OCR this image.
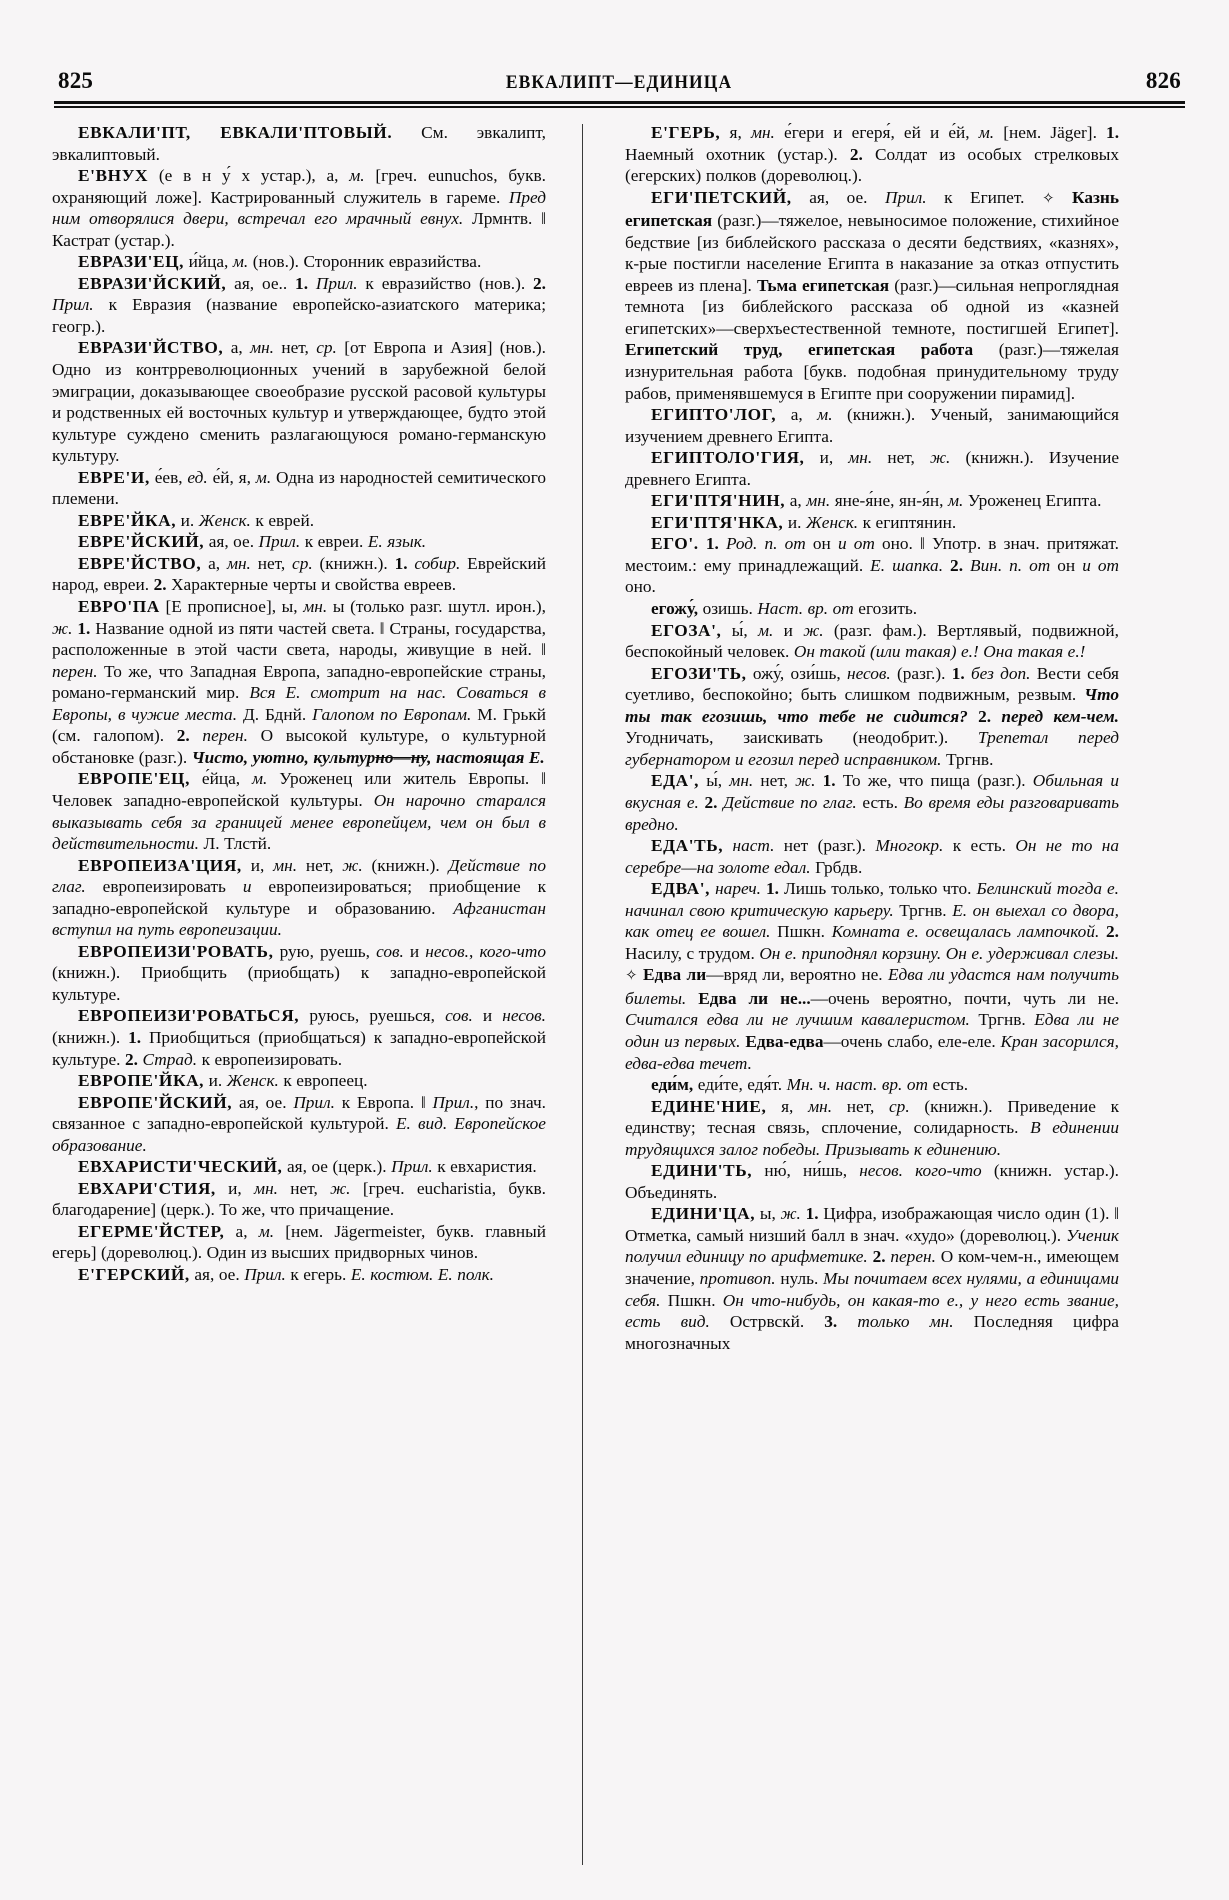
825	ЕВКАЛИПТ—ЕДИНИЦА	826

ЕВКАЛИ'ПТ, ЕВКАЛИ'ПТОВЫЙ. См. эвкалипт, эвкалиптовый.

Е'ВНУХ (е в н у́ х устар.), а, м. [греч. eunuchos, букв. охраняющий ложе]. Кастрированный служитель в гареме. Пред ним отворялися двери, встречал его мрачный евнух. Лрмнтв. ‖ Кастрат (устар.).

ЕВРАЗИ'ЕЦ, и́йца, м. (нов.). Сторонник евразийства.

ЕВРАЗИ'ЙСКИЙ, ая, ое.. 1. Прил. к евразийство (нов.). 2. Прил. к Евразия (название европейско-азиатского материка; геогр.).

ЕВРАЗИ'ЙСТВО, а, мн. нет, ср. [от Европа и Азия] (нов.). Одно из контрреволюционных учений в зарубежной белой эмиграции, доказывающее своеобразие русской расовой культуры и родственных ей восточных культур и утверждающее, будто этой культуре суждено сменить разлагающуюся романо-германскую культуру.

ЕВРЕ'И, е́ев, ед. е́й, я, м. Одна из народностей семитического племени.

ЕВРЕ'ЙКА, и. Женск. к еврей.

ЕВРЕ'ЙСКИЙ, ая, ое. Прил. к евреи. Е. язык.

ЕВРЕ'ЙСТВО, а, мн. нет, ср. (книжн.). 1. собир. Еврейский народ, евреи. 2. Характерные черты и свойства евреев.

ЕВРО'ПА [Е прописное], ы, мн. ы (только разг. шутл. ирон.), ж. 1. Название одной из пяти частей света. ‖ Страны, государства, расположенные в этой части света, народы, живущие в ней. ‖ перен. То же, что Западная Европа, западно-европейские страны, романо-германский мир. Вся Е. смотрит на нас. Соваться в Европы, в чужие места. Д. Бднй. Галопом по Европам. М. Грькй (см. галопом). 2. перен. О высокой культуре, о культурной обстановке (разг.). Чисто, уютно, культурно—ну, настоящая Е.

ЕВРОПЕ'ЕЦ, е́йца, м. Уроженец или житель Европы. ‖ Человек западно-европейской культуры. Он нарочно старался выказывать себя за границей менее европейцем, чем он был в действительности. Л. Тлстй.

ЕВРОПЕИЗА'ЦИЯ, и, мн. нет, ж. (книжн.). Действие по глаг. европеизировать и европеизироваться; приобщение к западно-европейской культуре и образованию. Афганистан вступил на путь европеизации.

ЕВРОПЕИЗИ'РОВАТЬ, рую, руешь, сов. и несов., кого-что (книжн.). Приобщить (приобщать) к западно-европейской культуре.

ЕВРОПЕИЗИ'РОВАТЬСЯ, руюсь, руешься, сов. и несов. (книжн.). 1. Приобщиться (приобщаться) к западно-европейской культуре. 2. Страд. к европеизировать.

ЕВРОПЕ'ЙКА, и. Женск. к европеец.

ЕВРОПЕ'ЙСКИЙ, ая, ое. Прил. к Европа. ‖ Прил., по знач. связанное с западно-европейской культурой. Е. вид. Европейское образование.

ЕВХАРИСТИ'ЧЕСКИЙ, ая, ое (церк.). Прил. к евхаристия.

ЕВХАРИ'СТИЯ, и, мн. нет, ж. [греч. eucharistia, букв. благодарение] (церк.). То же, что причащение.

ЕГЕРМЕ'ЙСТЕР, а, м. [нем. Jägermeister, букв. главный егерь] (дореволюц.). Один из высших придворных чинов.

Е'ГЕРСКИЙ, ая, ое. Прил. к егерь. Е. костюм. Е. полк.

Е'ГЕРЬ, я, мн. е́гери и егеря́, ей и е́й, м. [нем. Jäger]. 1. Наемный охотник (устар.). 2. Солдат из особых стрелковых (егерских) полков (дореволюц.).

ЕГИ'ПЕТСКИЙ, ая, ое. Прил. к Египет. ✧ Казнь египетская (разг.)—тяжелое, невыносимое положение, стихийное бедствие [из библейского рассказа о десяти бедствиях, «казнях», к-рые постигли население Египта в наказание за отказ отпустить евреев из плена]. Тьма египетская (разг.)—сильная непроглядная темнота [из библейского рассказа об одной из «казней египетских»—сверхъестественной темноте, постигшей Египет]. Египетский труд, египетская работа (разг.)—тяжелая изнурительная работа [букв. подобная принудительному труду рабов, применявшемуся в Египте при сооружении пирамид].

ЕГИПТО'ЛОГ, а, м. (книжн.). Ученый, занимающийся изучением древнего Египта.

ЕГИПТОЛО'ГИЯ, и, мн. нет, ж. (книжн.). Изучение древнего Египта.

ЕГИ'ПТЯ'НИН, а, мн. яне-я́не, ян-я́н, м. Уроженец Египта.

ЕГИ'ПТЯ'НКА, и. Женск. к египтянин.

ЕГО'. 1. Род. п. от он и от оно. ‖ Употр. в знач. притяжат. местоим.: ему принадлежащий. Е. шапка. 2. Вин. п. от он и от оно.

егожу́, озишь. Наст. вр. от егозить.

ЕГОЗА', ы́, м. и ж. (разг. фам.). Вертлявый, подвижной, беспокойный человек. Он такой (или такая) е.! Она такая е.!

ЕГОЗИ'ТЬ, ожу́, ози́шь, несов. (разг.). 1. без доп. Вести себя суетливо, беспокойно; быть слишком подвижным, резвым. Что ты так егозишь, что тебе не сидится? 2. перед кем-чем. Угодничать, заискивать (неодобрит.). Трепетал перед губернатором и егозил перед исправником. Тргнв.

ЕДА', ы́, мн. нет, ж. 1. То же, что пища (разг.). Обильная и вкусная е. 2. Действие по глаг. есть. Во время еды разговаривать вредно.

ЕДА'ТЬ, наст. нет (разг.). Многокр. к есть. Он не то на серебре—на золоте едал. Грбдв.

ЕДВА', нареч. 1. Лишь только, только что. Белинский тогда е. начинал свою критическую карьеру. Тргнв. Е. он выехал со двора, как отец ее вошел. Пшкн. Комната е. освещалась лампочкой. 2. Насилу, с трудом. Он е. приподнял корзину. Он е. удерживал слезы. ✧ Едва ли—вряд ли, вероятно не. Едва ли удастся нам получить билеты. Едва ли не...—очень вероятно, почти, чуть ли не. Считался едва ли не лучшим кавалеристом. Тргнв. Едва ли не один из первых. Едва-едва—очень слабо, еле-еле. Кран засорился, едва-едва течет.

еди́м, еди́те, едя́т. Мн. ч. наст. вр. от есть.

ЕДИНЕ'НИЕ, я, мн. нет, ср. (книжн.). Приведение к единству; тесная связь, сплочение, солидарность. В единении трудящихся залог победы. Призывать к единению.

ЕДИНИ'ТЬ, ню́, ни́шь, несов. кого-что (книжн. устар.). Объединять.

ЕДИНИ'ЦА, ы, ж. 1. Цифра, изображающая число один (1). ‖ Отметка, самый низший балл в знач. «худо» (дореволюц.). Ученик получил единицу по арифметике. 2. перен. О ком-чем-н., имеющем значение, противоп. нуль. Мы почитаем всех нулями, а единицами себя. Пшкн. Он что-нибудь, он какая-то е., у него есть звание, есть вид. Острвскй. 3. только мн. Последняя цифра многозначных
